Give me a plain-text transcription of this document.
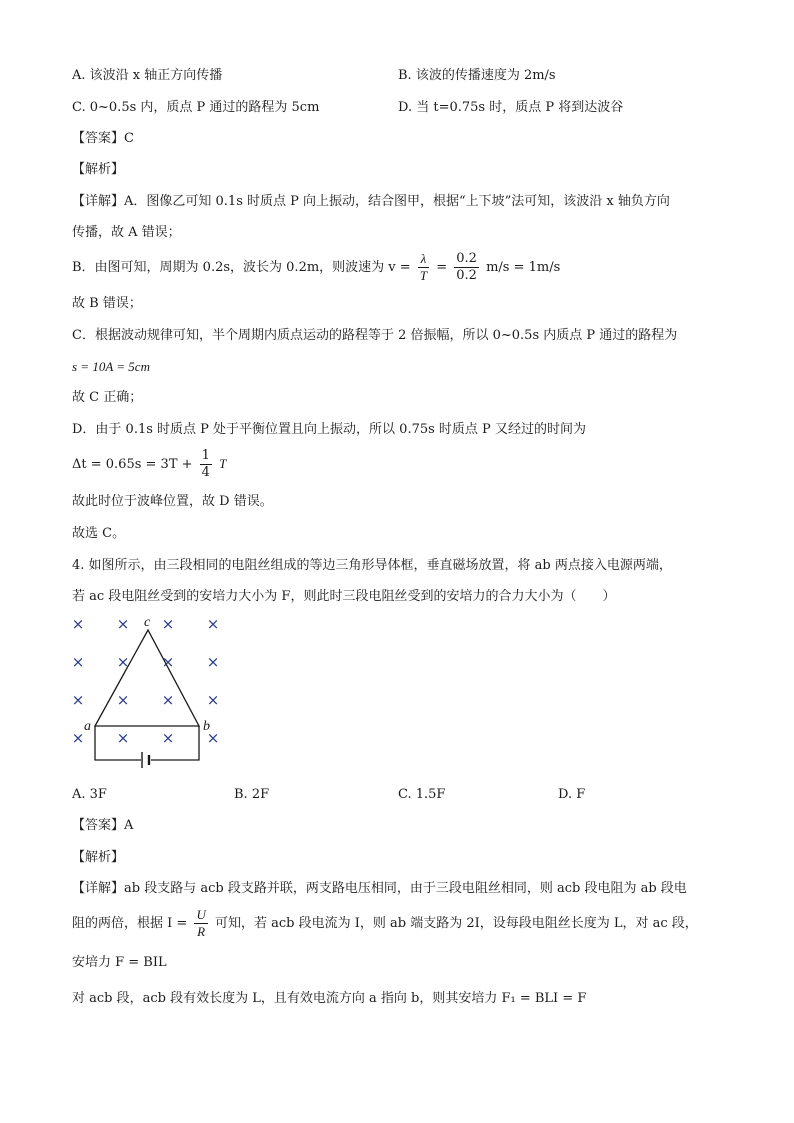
A. 该波沿 x 轴正方向传播	B. 该波的传播速度为 2m/s
C. 0~0.5s 内，质点 P 通过的路程为 5cm	D. 当 t=0.75s 时，质点 P 将到达波谷
【答案】C
【解析】
【详解】A．图像乙可知 0.1s 时质点 P 向上振动，结合图甲，根据“上下坡”法可知，该波沿 x 轴负方向
传播，故 A 错误；
B．由图可知，周期为 0.2s，波长为 0.2m，则波速为 $v = \frac{\lambda}{T} = \frac{0.2}{0.2} m/s = 1m/s$
故 B 错误；
C．根据波动规律可知，半个周期内质点运动的路程等于 2 倍振幅，所以 0~0.5s 内质点 P 通过的路程为
s = 10A = 5cm
故 C 正确；
D．由于 0.1s 时质点 P 处于平衡位置且向上振动，所以 0.75s 时质点 P 又经过的时间为
$\Delta t = 0.65s = 3T + \frac{1}{4}$ T
故此时位于波峰位置，故 D 错误。
故选 C。
4. 如图所示，由三段相同的电阻丝组成的等边三角形导体框，垂直磁场放置，将 ab 两点接入电源两端，
若 ac 段电阻丝受到的安培力大小为 F，则此时三段电阻丝受到的安培力的合力大小为（　　）
× × × ×
× × × ×
× × × ×
× × × ×
c
a	b
A. 3F	B. 2F	C. 1.5F	D. F
【答案】A
【解析】
【详解】ab 段支路与 acb 段支路并联，两支路电压相同，由于三段电阻丝相同，则 acb 段电阻为 ab 段电
阻的两倍，根据 $I = \frac{U}{R}$ 可知，若 acb 段电流为 I，则 ab 端支路为 2I，设每段电阻丝长度为 L，对 ac 段，
安培力 F = BIL
对 acb 段，acb 段有效长度为 L，且有效电流方向 a 指向 b，则其安培力 F₁ = BLI = F
